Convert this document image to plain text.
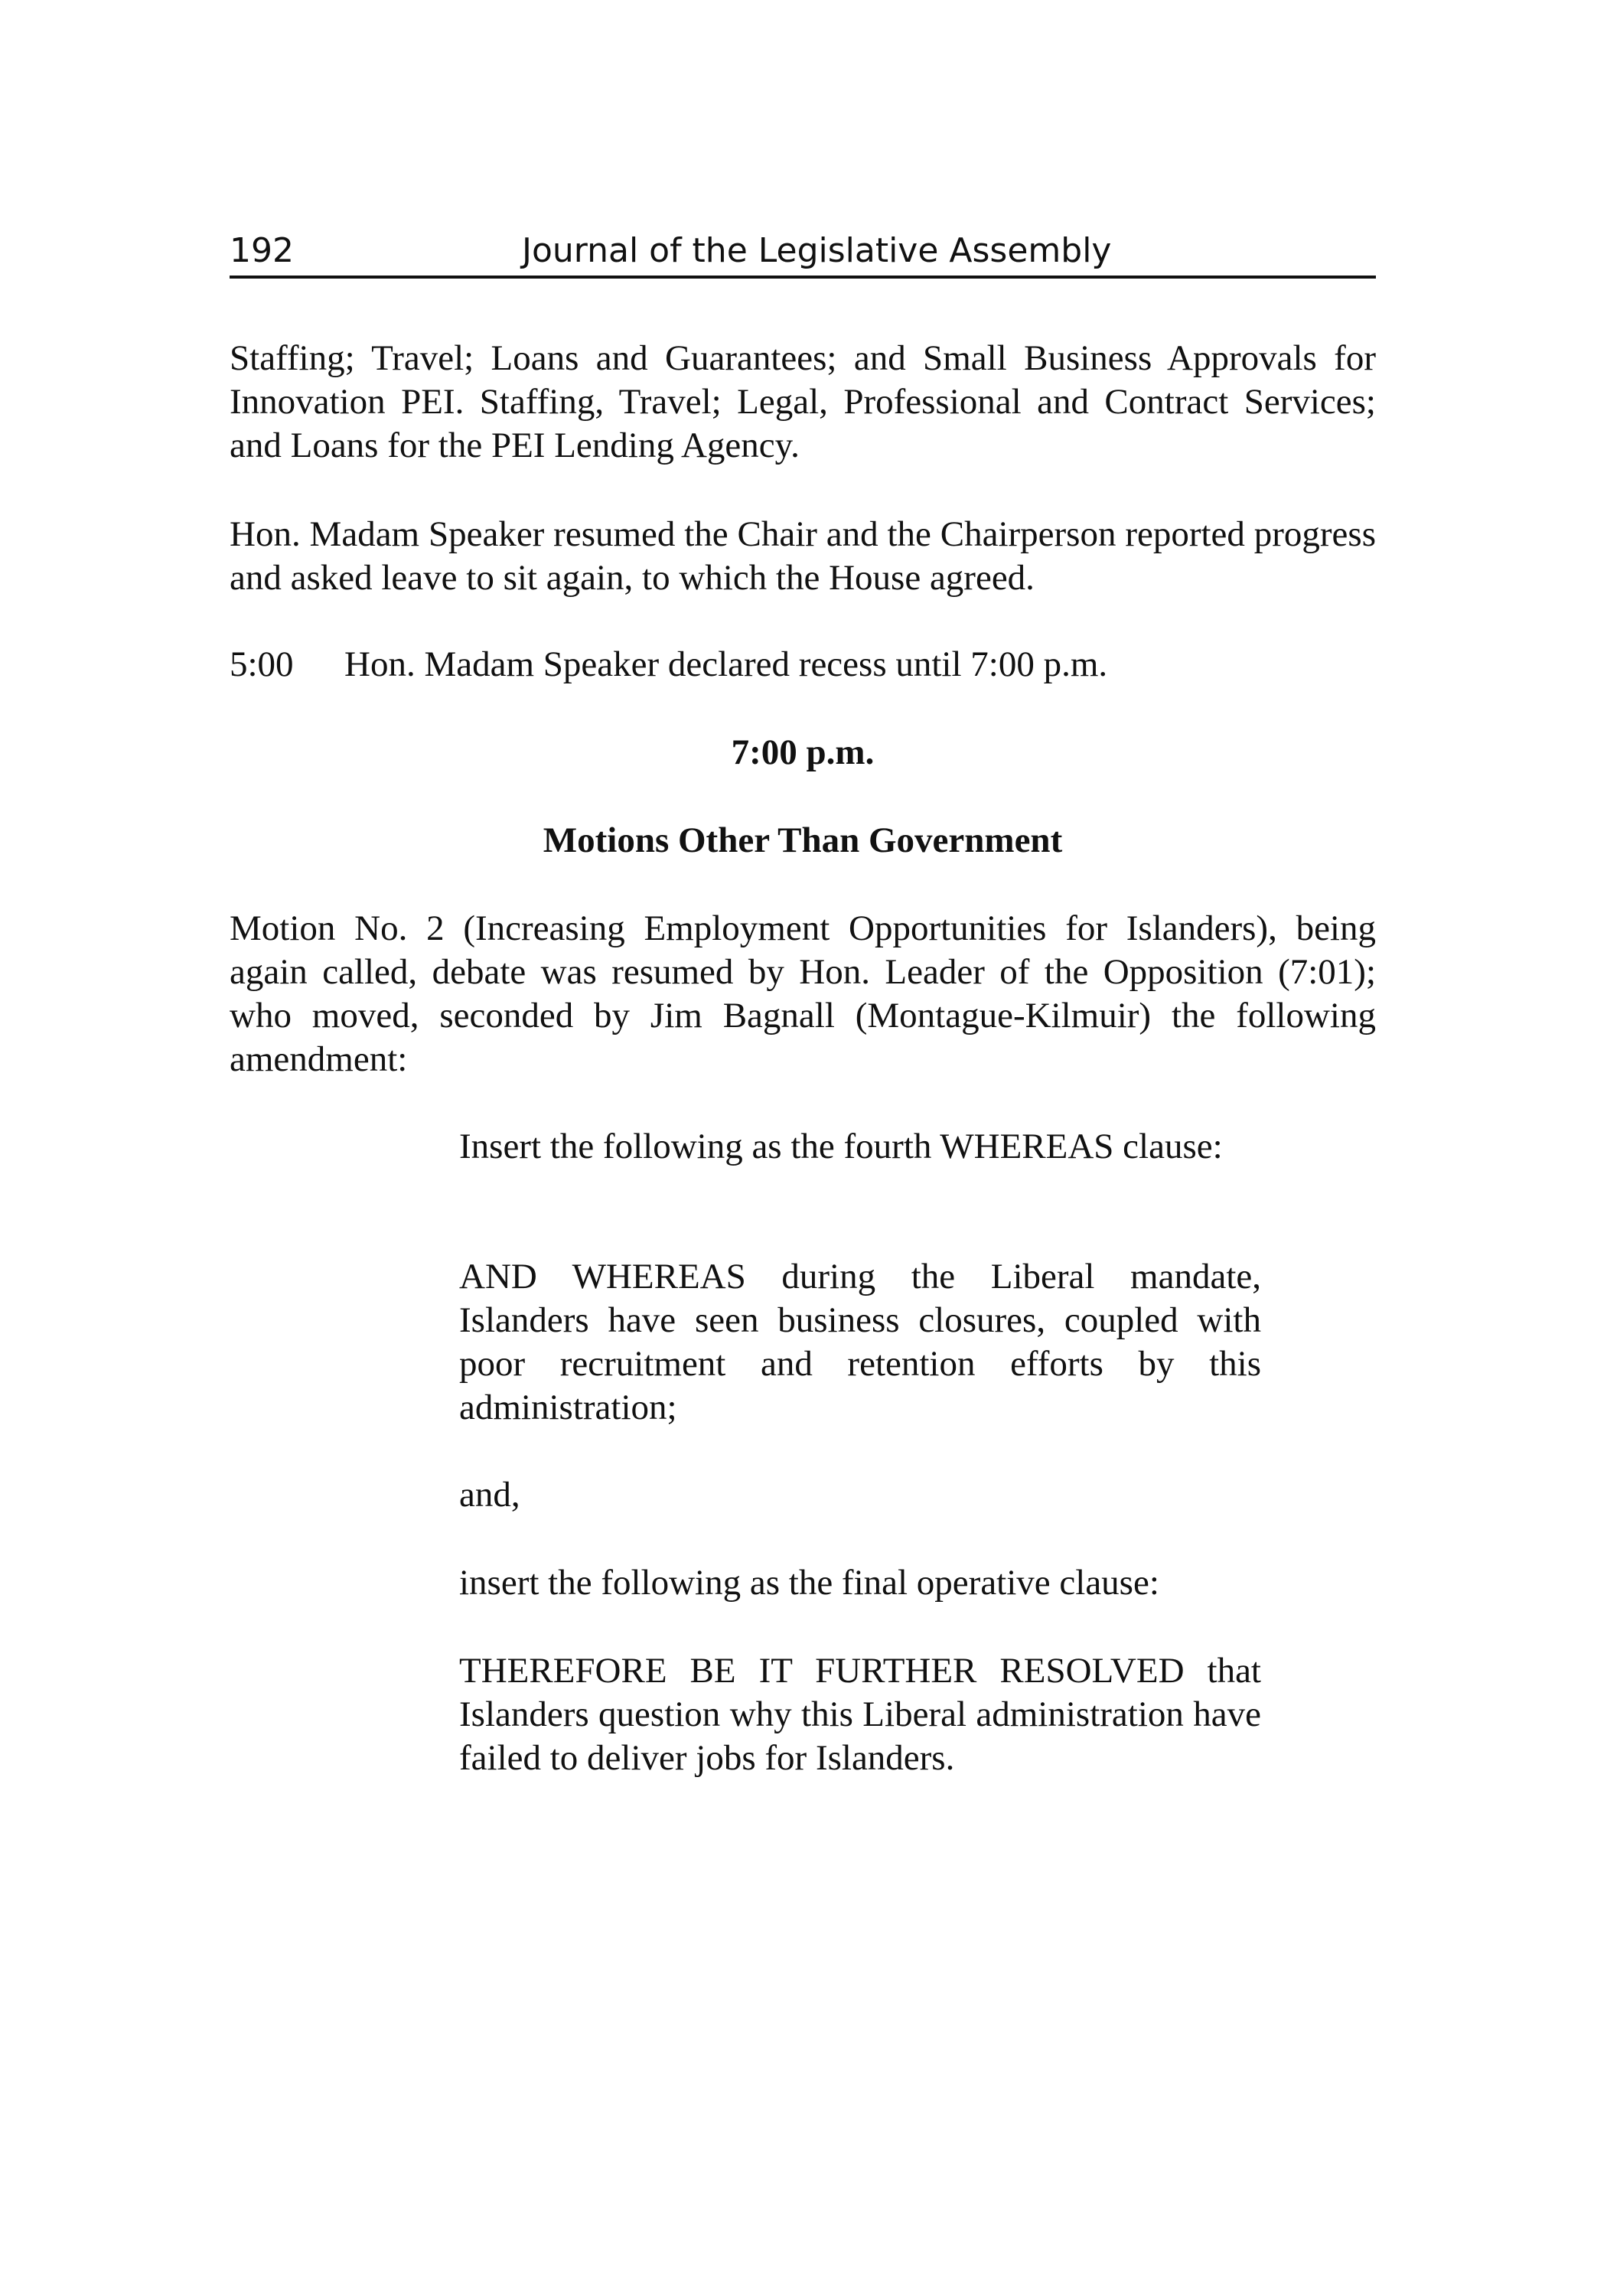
192	Journal of the Legislative Assembly

Staffing; Travel; Loans and Guarantees; and Small Business Approvals for Innovation PEI. Staffing, Travel; Legal, Professional and Contract Services; and Loans for the PEI Lending Agency.

Hon. Madam Speaker resumed the Chair and the Chairperson reported progress and asked leave to sit again, to which the House agreed.

5:00 Hon. Madam Speaker declared recess until 7:00 p.m.

7:00 p.m.

Motions Other Than Government

Motion No. 2 (Increasing Employment Opportunities for Islanders), being again called, debate was resumed by Hon. Leader of the Opposition (7:01); who moved, seconded by Jim Bagnall (Montague-Kilmuir) the following amendment:

Insert the following as the fourth WHEREAS clause:

AND WHEREAS during the Liberal mandate, Islanders have seen business closures, coupled with poor recruitment and retention efforts by this administration;

and,

insert the following as the final operative clause:

THEREFORE BE IT FURTHER RESOLVED that Islanders question why this Liberal administration have failed to deliver jobs for Islanders.
